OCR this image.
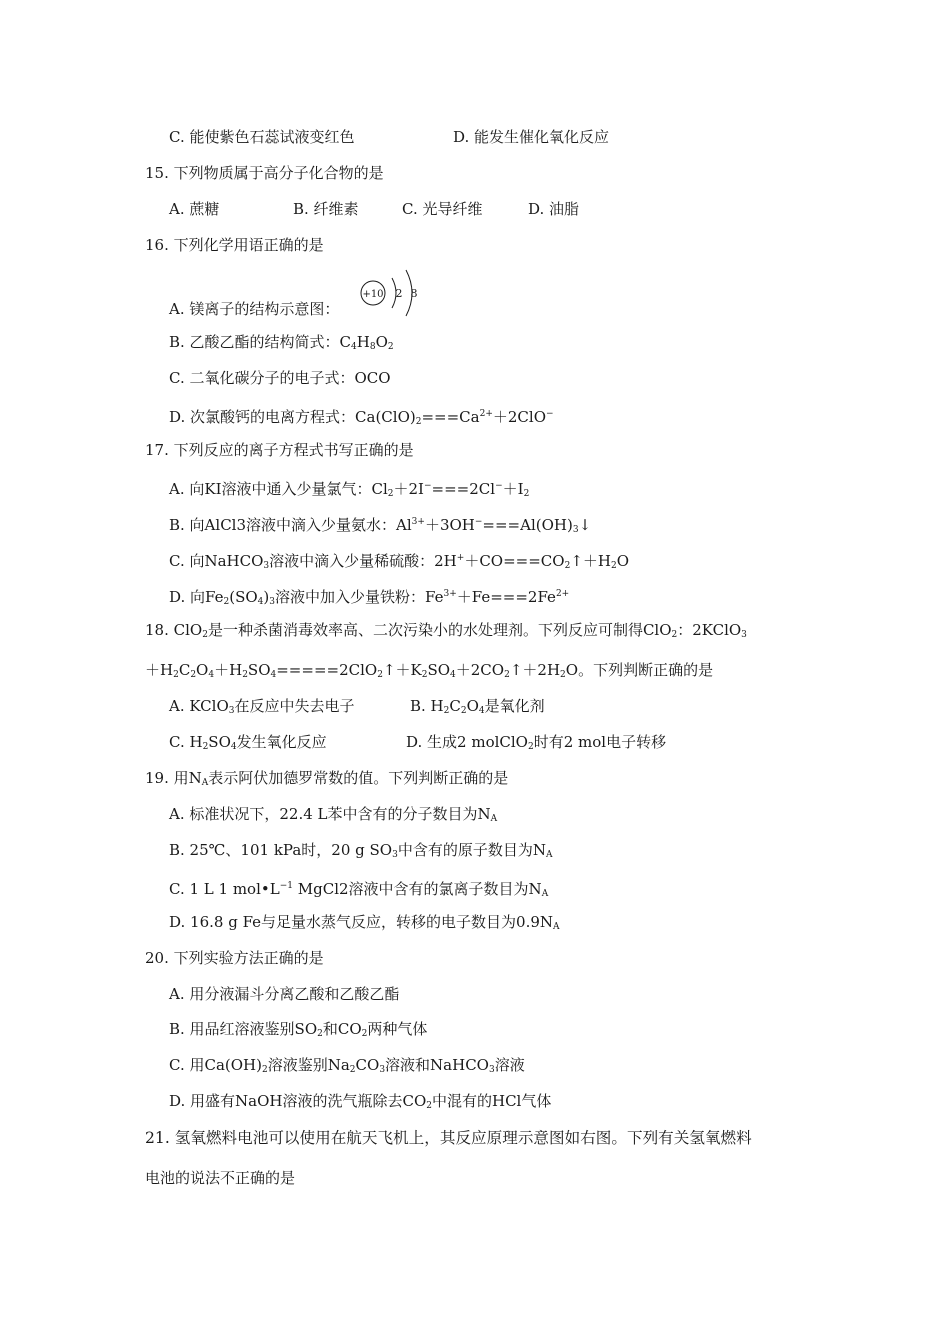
C. 能使紫色石蕊试液变红色	D. 能发生催化氧化反应
15. 下列物质属于高分子化合物的是
A. 蔗糖	B. 纤维素	C. 光导纤维	D. 油脂
16. 下列化学用语正确的是
A. 镁离子的结构示意图：
+10 2 8
B. 乙酸乙酯的结构简式：$C_4H_8O_2$
C. 二氧化碳分子的电子式：OCO
D. 次氯酸钙的电离方程式：$Ca(ClO)_2===Ca^{2+}+2ClO^-$
17. 下列反应的离子方程式书写正确的是
A. 向KI溶液中通入少量氯气：$Cl_2+2I^-===2Cl^-+I_2$
B. 向AlCl3溶液中滴入少量氨水：$Al^{3+}+3OH^-===Al(OH)_3↓$
C. 向NaHCO$_3$溶液中滴入少量稀硫酸：$2H^++CO===CO_2↑+H_2O$
D. 向$Fe_2(SO_4)_3$溶液中加入少量铁粉：$Fe^{3+}+Fe===2Fe^{2+}$
18. ClO$_2$是一种杀菌消毒效率高、二次污染小的水处理剂。下列反应可制得ClO$_2$：2KClO$_3$
$+H_2C_2O_4+H_2SO_4=====2ClO_2↑+K_2SO_4+2CO_2↑+2H_2O$。下列判断正确的是
A. KClO$_3$在反应中失去电子	B. $H_2C_2O_4$是氧化剂
C. $H_2SO_4$发生氧化反应	D. 生成2 molClO$_2$时有2 mol电子转移
19. 用$N_A$表示阿伏加德罗常数的值。下列判断正确的是
A. 标准状况下，22.4 L苯中含有的分子数目为$N_A$
B. 25℃、101 kPa时，20 g $SO_3$中含有的原子数目为$N_A$
C. 1 L 1 $mol•L^{-1}$ MgCl2溶液中含有的氯离子数目为$N_A$
D. 16.8 g Fe与足量水蒸气反应，转移的电子数目为$0.9N_A$
20. 下列实验方法正确的是
A. 用分液漏斗分离乙酸和乙酸乙酯
B. 用品红溶液鉴别$SO_2$和$CO_2$两种气体
C. 用$Ca(OH)_2$溶液鉴别$Na_2CO_3$溶液和NaHCO$_3$溶液
D. 用盛有NaOH溶液的洗气瓶除去$CO_2$中混有的HCl气体
21. 氢氧燃料电池可以使用在航天飞机上，其反应原理示意图如右图。下列有关氢氧燃料
电池的说法不正确的是
